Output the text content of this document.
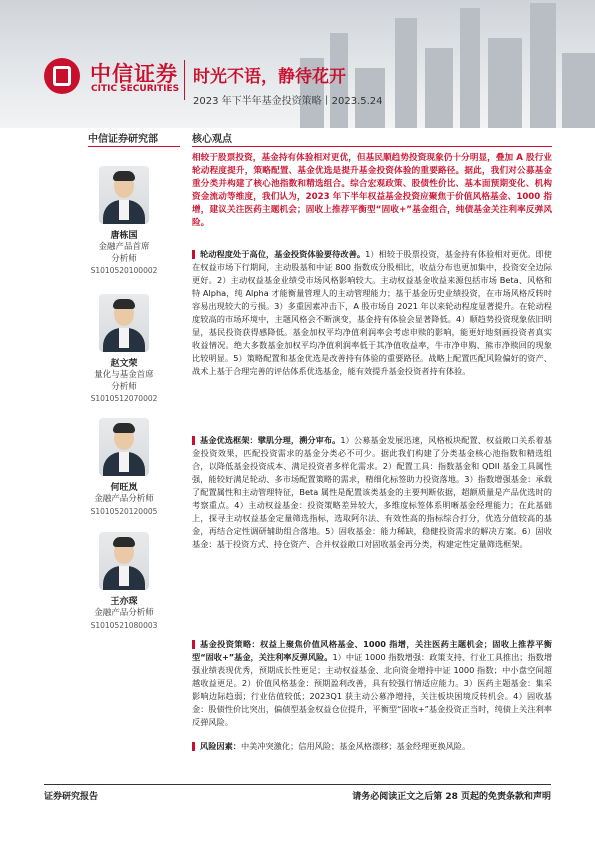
中信证券
CITIC SECURITIES
时光不语，静待花开
2023 年下半年基金投资策略丨2023.5.24
中信证券研究部	核心观点
唐栋国
金融产品首席
分析师
S1010520100002
赵文荣
量化与基金首席
分析师
S1010512070002
何旺岚
金融产品分析师
S1010520120005
王亦琛
金融产品分析师
S1010521080003
相较于股票投资，基金持有体验相对更优，但基民顺趋势投资现象仍十分明显，叠加 A 股行业轮动程度提升，策略配置、基金优选是提升基金投资体验的重要路径。据此，我们对公募基金重分类并构建了核心池指数和精选组合。综合宏观政策、股债性价比、基本面预期变化、机构资金流动等维度，我们认为，2023 年下半年权益基金投资应聚焦于价值风格基金、1000 指增，建议关注医药主题机会；固收上推荐平衡型“固收+”基金组合，纯债基金关注利率反弹风险。
轮动程度处于高位，基金投资体验要待改善。1）相较于股票投资，基金持有体验相对更优。即使在权益市场下行期间，主动股基和中证 800 指数成分股相比，收益分布也更加集中，投资安全边际更好。2）主动权益基金业绩受市场风格影响较大。主动权益基金收益来源包括市场 Beta、风格和特 Alpha，纯 Alpha 才能衡量管理人的主动管理能力；基于基金历史业绩投资，在市场风格反转时容易出现较大的亏损。3）多重因素冲击下，A 股市场自 2021 年以来轮动程度显著提升。在轮动程度较高的市场环境中，主题风格会不断演变，基金持有体验会显著降低。4）顺趋势投资现象依旧明显，基民投资获得感降低。基金加权平均净值利润率会考虑申赎的影响，能更好地刻画投资者真实收益情况。绝大多数基金加权平均净值利润率低于其净值收益率，牛市净申购、熊市净赎回的现象比较明显。5）策略配置和基金优选是改善持有体验的重要路径。战略上配置匹配风险偏好的资产、战术上基于合理完善的评估体系优选基金，能有效提升基金投资者持有体验。
基金优选框架：擘肌分理，溯分审布。1）公募基金发展迅速，风格板块配置、权益敞口关系着基金投资效果，匹配投资需求的基金分类必不可少。据此我们构建了分类基金核心池指数和精选组合，以降低基金投资成本、满足投资者多样化需求。2）配置工具：指数基金和 QDII 基金工具属性强，能较好满足轮动、多市场配置策略的需求，精细化标签助力投资落地。3）指数增强基金：承载了配置属性和主动管理特征，Beta 属性是配置该类基金的主要判断依据，超额质量是产品优选时的考察重点。4）主动权益基金：投资策略差异较大，多维度标签体系明晰基金经理能力；在此基础上，探寻主动权益基金定量筛选指标，选取阿尔法、有效性高的指标综合打分，优选分值较高的基金，再结合定性调研辅助组合落地。5）固收基金：能力稀缺，稳健投资需求的解决方案。6）固收基金：基于投资方式、持仓资产、合并权益敞口对固收基金再分类，构建定性定量筛选框架。
基金投资策略：权益上聚焦价值风格基金、1000 指增，关注医药主题机会；固收上推荐平衡型“固收+”基金，关注利率反弹风险。1）中证 1000 指数增强：政策支持、行业工具推出；指数增强业绩表现优秀，预期成长性更足；主动权益基金、北向资金增持中证 1000 指数；中小盘空间超越收益更足。2）价值风格基金：预期盈利改善，具有较强行情适应能力。3）医药主题基金：集采影响边际趋弱；行业估值较低；2023Q1 获主动公募净增持，关注板块困境反转机会。4）固收基金：股债性价比突出，偏债型基金权益仓位提升，平衡型“固收+”基金投资正当时，纯债上关注利率反弹风险。
风险因素：中美冲突激化；信用风险；基金风格漂移；基金经理更换风险。
证券研究报告	请务必阅读正文之后第 28 页起的免责条款和声明
